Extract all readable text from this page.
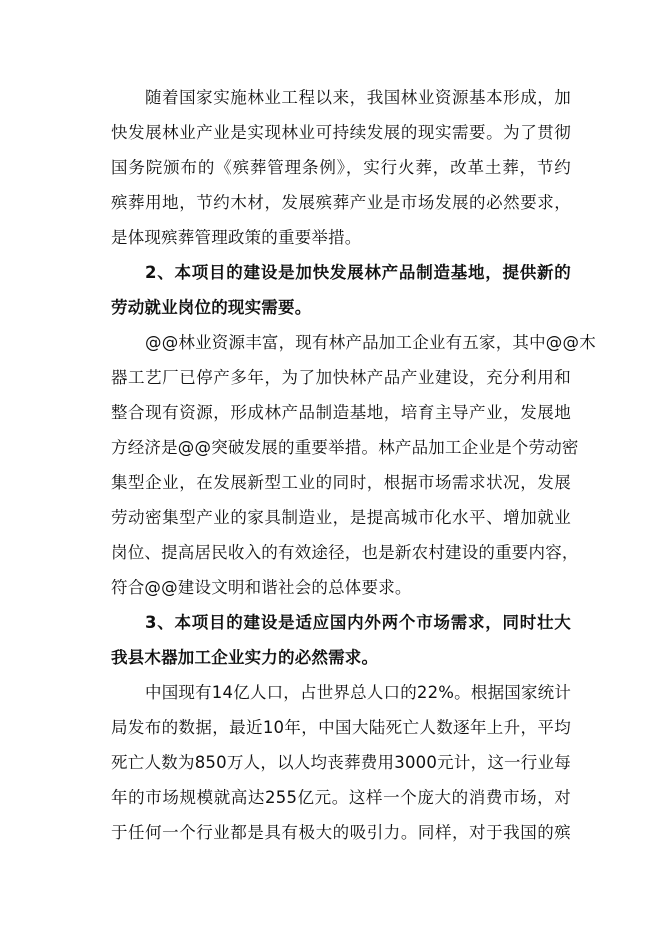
随着国家实施林业工程以来，我国林业资源基本形成，加
快发展林业产业是实现林业可持续发展的现实需要。为了贯彻
国务院颁布的《殡葬管理条例》，实行火葬，改革土葬，节约
殡葬用地，节约木材，发展殡葬产业是市场发展的必然要求，
是体现殡葬管理政策的重要举措。
2、本项目的建设是加快发展林产品制造基地，提供新的
劳动就业岗位的现实需要。
@@林业资源丰富，现有林产品加工企业有五家，其中@@木
器工艺厂已停产多年，为了加快林产品产业建设，充分利用和
整合现有资源，形成林产品制造基地，培育主导产业，发展地
方经济是@@突破发展的重要举措。林产品加工企业是个劳动密
集型企业，在发展新型工业的同时，根据市场需求状况，发展
劳动密集型产业的家具制造业，是提高城市化水平、增加就业
岗位、提高居民收入的有效途径，也是新农村建设的重要内容，
符合@@建设文明和谐社会的总体要求。
3、本项目的建设是适应国内外两个市场需求，同时壮大
我县木器加工企业实力的必然需求。
中国现有14亿人口，占世界总人口的22%。根据国家统计
局发布的数据，最近10年，中国大陆死亡人数逐年上升，平均
死亡人数为850万人，以人均丧葬费用3000元计，这一行业每
年的市场规模就高达255亿元。这样一个庞大的消费市场，对
于任何一个行业都是具有极大的吸引力。同样，对于我国的殡
